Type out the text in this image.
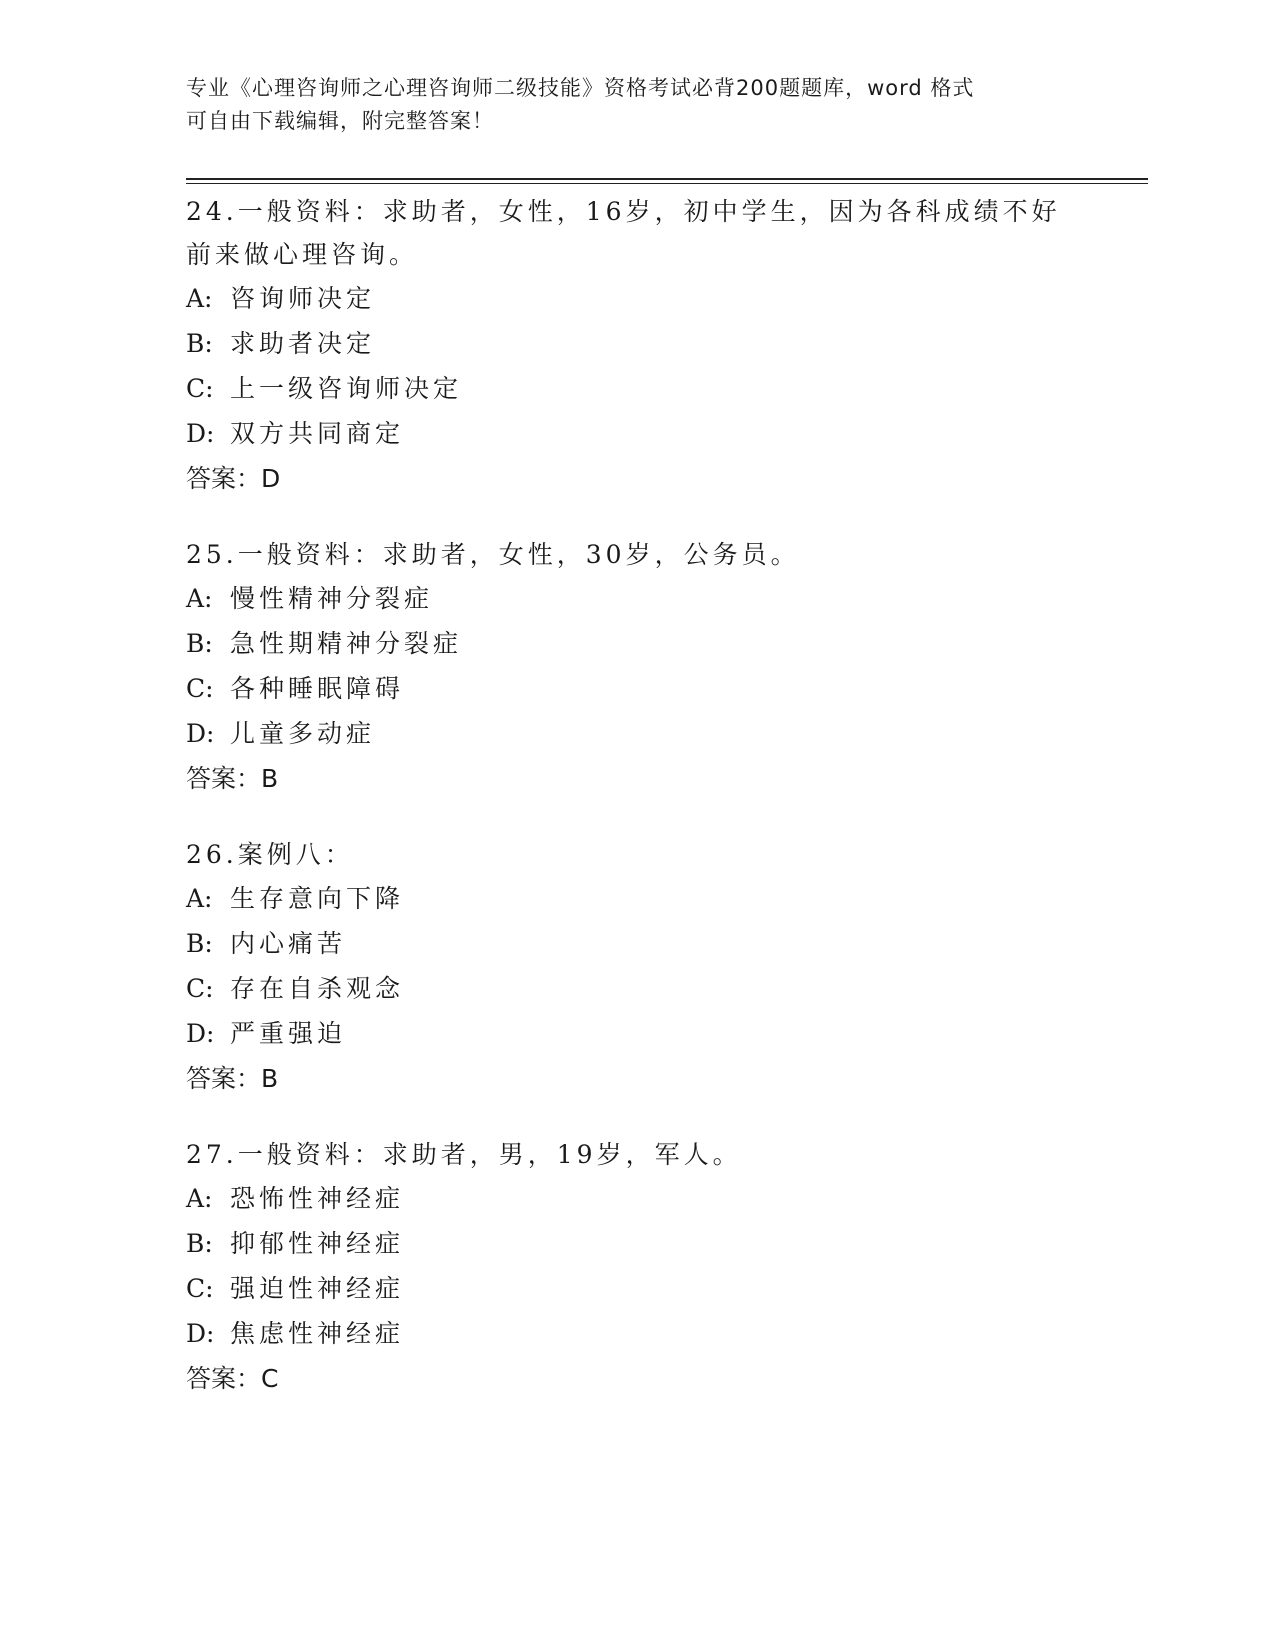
专业《心理咨询师之心理咨询师二级技能》资格考试必背200题题库，word 格式
可自由下载编辑，附完整答案！
24.一般资料：求助者，女性，16岁，初中学生，因为各科成绩不好前来做心理咨询。
A: 咨询师决定
B: 求助者决定
C: 上一级咨询师决定
D: 双方共同商定
答案：D
25.一般资料：求助者，女性，30岁，公务员。
A: 慢性精神分裂症
B: 急性期精神分裂症
C: 各种睡眠障碍
D: 儿童多动症
答案：B
26.案例八：
A: 生存意向下降
B: 内心痛苦
C: 存在自杀观念
D: 严重强迫
答案：B
27.一般资料：求助者，男，19岁，军人。
A: 恐怖性神经症
B: 抑郁性神经症
C: 强迫性神经症
D: 焦虑性神经症
答案：C
